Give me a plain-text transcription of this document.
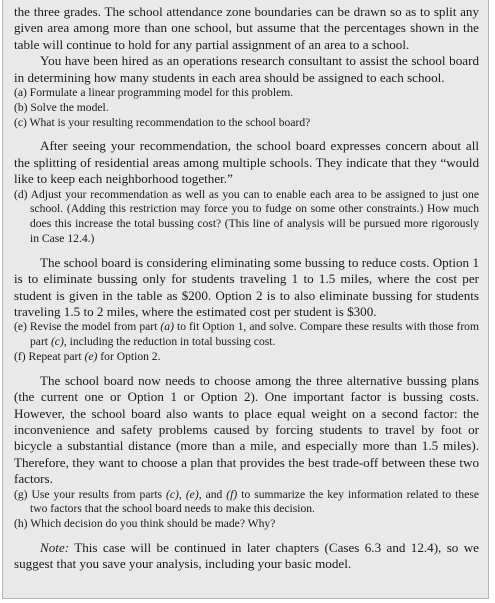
the three grades. The school attendance zone boundaries can be drawn so as to split any given area among more than one school, but assume that the percentages shown in the table will continue to hold for any partial assignment of an area to a school.

You have been hired as an operations research consultant to assist the school board in determining how many students in each area should be assigned to each school.

(a) Formulate a linear programming model for this problem.

(b) Solve the model.

(c) What is your resulting recommendation to the school board?

After seeing your recommendation, the school board expresses concern about all the splitting of residential areas among multiple schools. They indicate that they “would like to keep each neighborhood together.”

(d) Adjust your recommendation as well as you can to enable each area to be assigned to just one school. (Adding this restriction may force you to fudge on some other constraints.) How much does this increase the total bussing cost? (This line of analysis will be pursued more rigorously in Case 12.4.)

The school board is considering eliminating some bussing to reduce costs. Option 1 is to eliminate bussing only for students traveling 1 to 1.5 miles, where the cost per student is given in the table as $200. Option 2 is to also eliminate bussing for students traveling 1.5 to 2 miles, where the estimated cost per student is $300.

(e) Revise the model from part (a) to fit Option 1, and solve. Compare these results with those from part (c), including the reduction in total bussing cost.

(f) Repeat part (e) for Option 2.

The school board now needs to choose among the three alternative bussing plans (the current one or Option 1 or Option 2). One important factor is bussing costs. However, the school board also wants to place equal weight on a second factor: the inconvenience and safety problems caused by forcing students to travel by foot or bicycle a substantial distance (more than a mile, and especially more than 1.5 miles). Therefore, they want to choose a plan that provides the best trade-off between these two factors.

(g) Use your results from parts (c), (e), and (f) to summarize the key information related to these two factors that the school board needs to make this decision.

(h) Which decision do you think should be made? Why?

Note: This case will be continued in later chapters (Cases 6.3 and 12.4), so we suggest that you save your analysis, including your basic model.
